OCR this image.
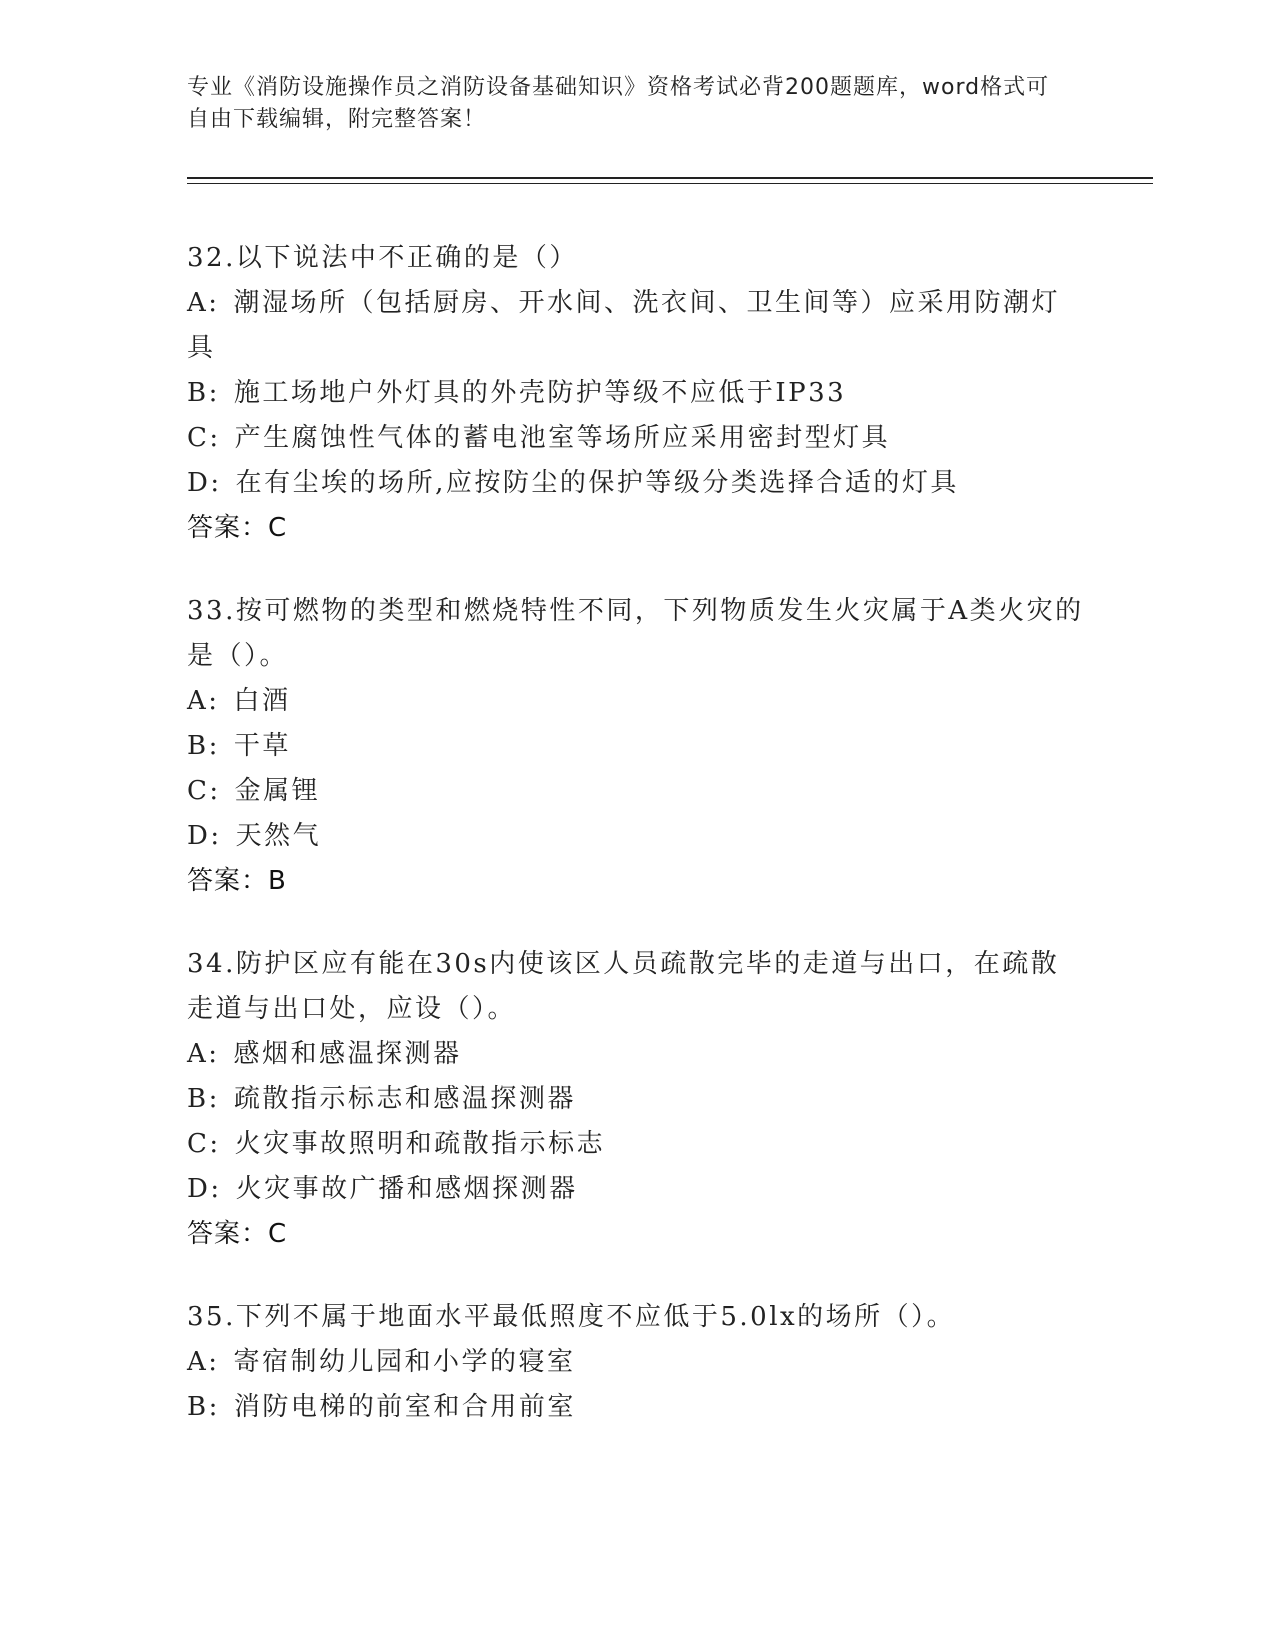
专业《消防设施操作员之消防设备基础知识》资格考试必背200题题库，word格式可自由下载编辑，附完整答案！
32.以下说法中不正确的是（）
A: 潮湿场所（包括厨房、开水间、洗衣间、卫生间等）应采用防潮灯具
B: 施工场地户外灯具的外壳防护等级不应低于IP33
C: 产生腐蚀性气体的蓄电池室等场所应采用密封型灯具
D: 在有尘埃的场所,应按防尘的保护等级分类选择合适的灯具
答案：C
33.按可燃物的类型和燃烧特性不同，下列物质发生火灾属于A类火灾的是（）。
A: 白酒
B: 干草
C: 金属锂
D: 天然气
答案：B
34.防护区应有能在30s内使该区人员疏散完毕的走道与出口，在疏散走道与出口处，应设（）。
A: 感烟和感温探测器
B: 疏散指示标志和感温探测器
C: 火灾事故照明和疏散指示标志
D: 火灾事故广播和感烟探测器
答案：C
35.下列不属于地面水平最低照度不应低于5.0lx的场所（）。
A: 寄宿制幼儿园和小学的寝室
B: 消防电梯的前室和合用前室
